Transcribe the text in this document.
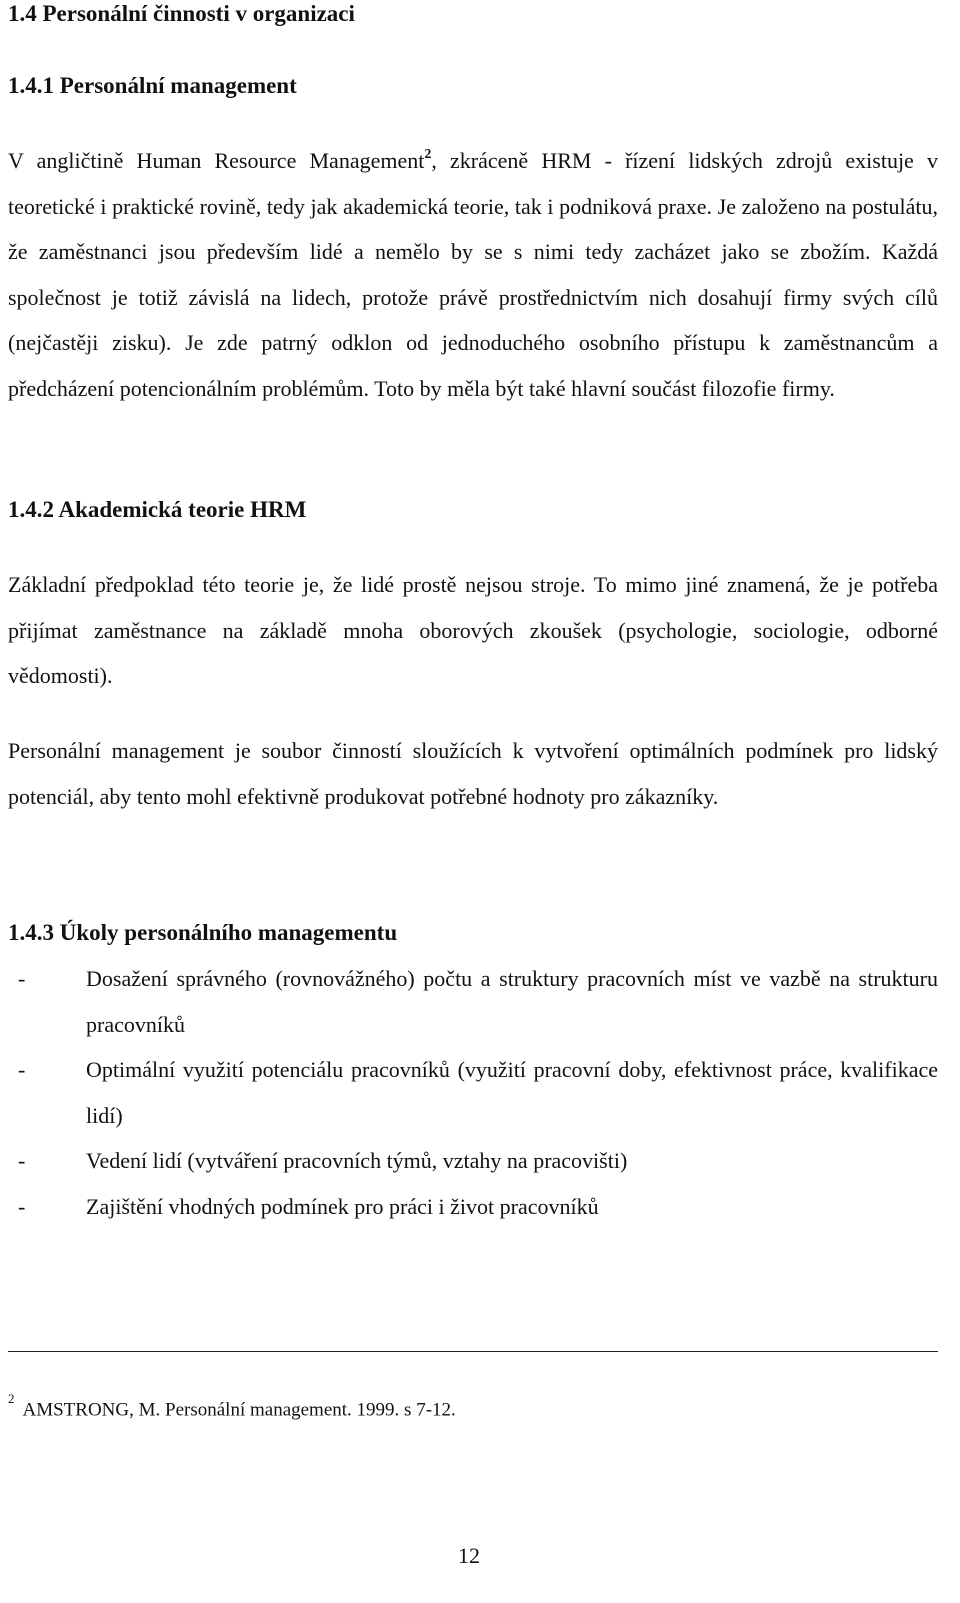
1.4 Personální činnosti v organizaci
1.4.1 Personální management

V angličtině Human Resource Management$^2$, zkráceně HRM - řízení lidských zdrojů existuje v teoretické i praktické rovině, tedy jak akademická teorie, tak i podniková praxe. Je založeno na postulátu, že zaměstnanci jsou především lidé a nemělo by se s nimi tedy zacházet jako se zbožím. Každá společnost je totiž závislá na lidech, protože právě prostřednictvím nich dosahují firmy svých cílů (nejčastěji zisku). Je zde patrný odklon od jednoduchého osobního přístupu k zaměstnancům a předcházení potencionálním problémům. Toto by měla být také hlavní součást filozofie firmy.

1.4.2 Akademická teorie HRM

Základní předpoklad této teorie je, že lidé prostě nejsou stroje. To mimo jiné znamená, že je potřeba přijímat zaměstnance na základě mnoha oborových zkoušek (psychologie, sociologie, odborné vědomosti).

Personální management je soubor činností sloužících k vytvoření optimálních podmínek pro lidský potenciál, aby tento mohl efektivně produkovat potřebné hodnoty pro zákazníky.

1.4.3 Úkoly personálního managementu
-	Dosažení správného (rovnovážného) počtu a struktury pracovních míst ve vazbě na strukturu pracovníků
-	Optimální využití potenciálu pracovníků (využití pracovní doby, efektivnost práce, kvalifikace lidí)
-	Vedení lidí (vytváření pracovních týmů, vztahy na pracovišti)
-	Zajištění vhodných podmínek pro práci i život pracovníků
$^2$AMSTRONG, M. Personální management. 1999. s 7-12.
12
